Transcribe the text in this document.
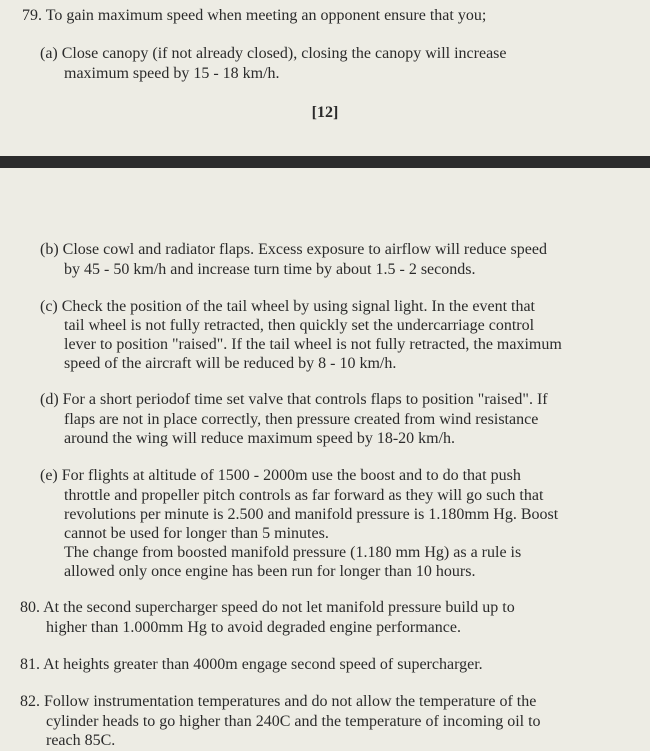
79. To gain maximum speed when meeting an opponent ensure that you;
(a) Close canopy (if not already closed), closing the canopy will increase
maximum speed by 15 - 18 km/h.
[12]
(b) Close cowl and radiator flaps. Excess exposure to airflow will reduce speed
by 45 - 50 km/h and increase turn time by about 1.5 - 2 seconds.
(c) Check the position of the tail wheel by using signal light. In the event that
tail wheel is not fully retracted, then quickly set the undercarriage control
lever to position "raised". If the tail wheel is not fully retracted, the maximum
speed of the aircraft will be reduced by 8 - 10 km/h.
(d) For a short periodof time set valve that controls flaps to position "raised". If
flaps are not in place correctly, then pressure created from wind resistance
around the wing will reduce maximum speed by 18-20 km/h.
(e) For flights at altitude of 1500 - 2000m use the boost and to do that push
throttle and propeller pitch controls as far forward as they will go such that
revolutions per minute is 2.500 and manifold pressure is 1.180mm Hg. Boost
cannot be used for longer than 5 minutes.
The change from boosted manifold pressure (1.180 mm Hg) as a rule is
allowed only once engine has been run for longer than 10 hours.
80. At the second supercharger speed do not let manifold pressure build up to
higher than 1.000mm Hg to avoid degraded engine performance.
81. At heights greater than 4000m engage second speed of supercharger.
82. Follow instrumentation temperatures and do not allow the temperature of the
cylinder heads to go higher than 240C and the temperature of incoming oil to
reach 85C.
